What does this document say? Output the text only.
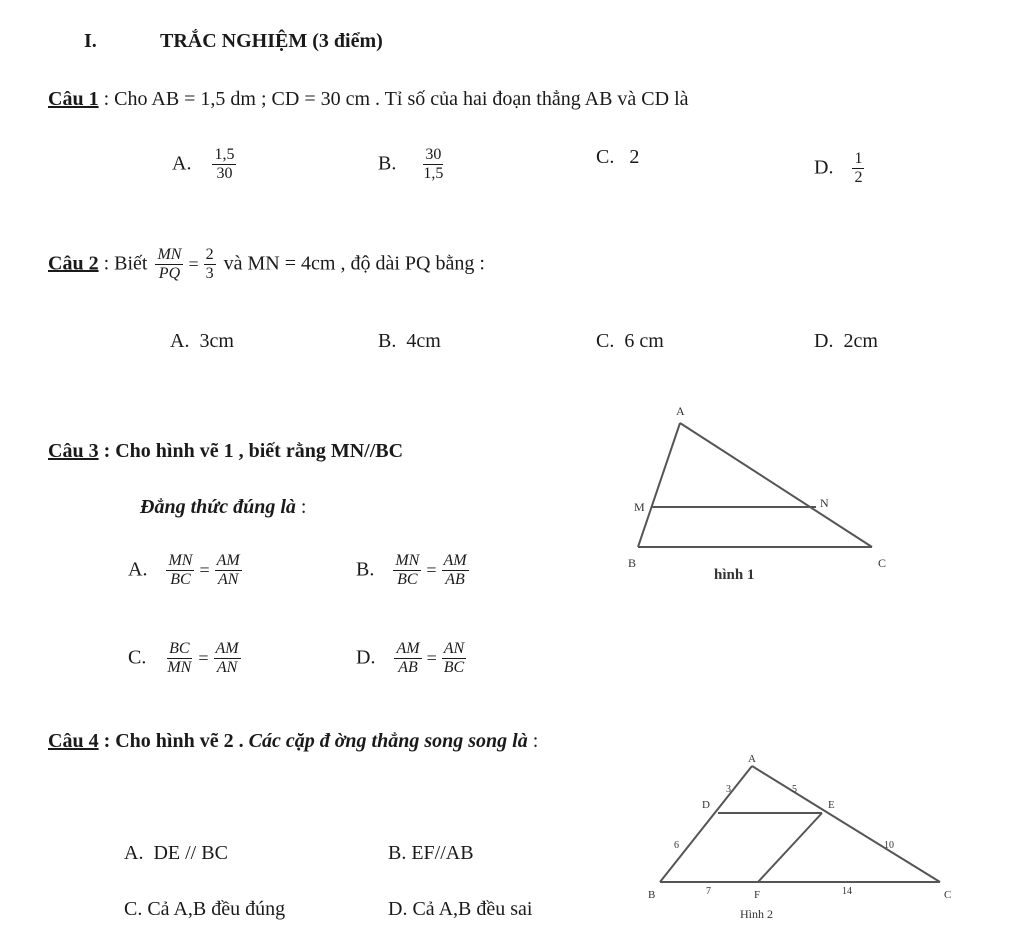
I.	TRẮC NGHIỆM (3 điểm)
Câu 1 : Cho AB = 1,5 dm ; CD = 30 cm . Tỉ số của hai đoạn thẳng AB và CD là
A. $\frac{1,5}{30}$	B. $\frac{30}{1,5}$	C. 2	D. $\frac{1}{2}$
Câu 2 : Biết $\frac{MN}{PQ} = \frac{2}{3}$ và MN = 4cm , độ dài PQ bằng :
A. 3cm	B. 4cm	C. 6 cm	D. 2cm
Câu 3 : Cho hình vẽ 1 , biết rằng MN//BC
Đẳng thức đúng là :
A. $\frac{MN}{BC} = \frac{AM}{AN}$	B. $\frac{MN}{BC} = \frac{AM}{AB}$
C. $\frac{BC}{MN} = \frac{AM}{AN}$	D. $\frac{AM}{AB} = \frac{AN}{BC}$
A
M	N
B	C
hình 1
Câu 4 : Cho hình vẽ 2 . Các cặp đ ờng thẳng song song là :
A. DE // BC	B. EF//AB
C. Cả A,B đều đúng	D. Cả A,B đều sai
A
D	E
B	F	C
3	5
6	10
7	14
Hình 2
